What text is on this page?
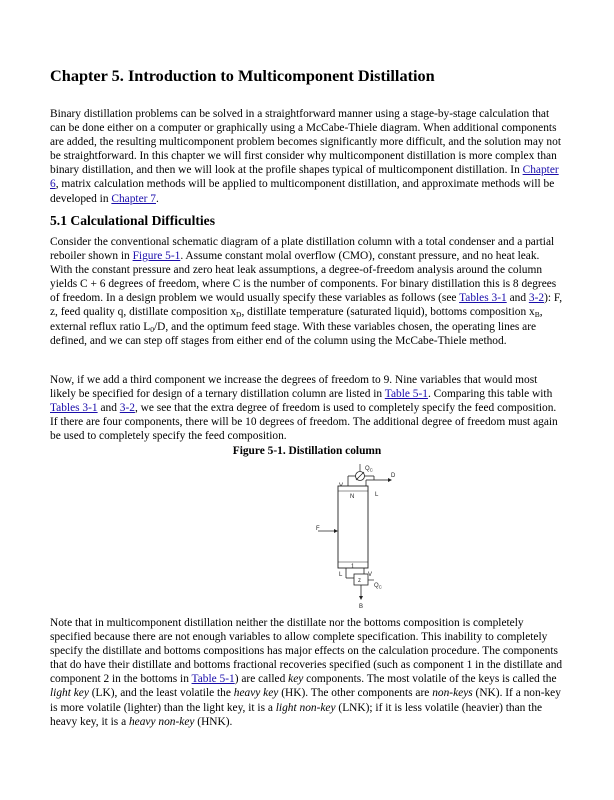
Chapter 5. Introduction to Multicomponent Distillation

Binary distillation problems can be solved in a straightforward manner using a stage-by-stage calculation that can be done either on a computer or graphically using a McCabe-Thiele diagram. When additional components are added, the resulting multicomponent problem becomes significantly more difficult, and the solution may not be straightforward. In this chapter we will first consider why multicomponent distillation is more complex than binary distillation, and then we will look at the profile shapes typical of multicomponent distillation. In Chapter 6, matrix calculation methods will be applied to multicomponent distillation, and approximate methods will be developed in Chapter 7.

5.1 Calculational Difficulties

Consider the conventional schematic diagram of a plate distillation column with a total condenser and a partial reboiler shown in Figure 5-1. Assume constant molal overflow (CMO), constant pressure, and no heat leak. With the constant pressure and zero heat leak assumptions, a degree-of-freedom analysis around the column yields C + 6 degrees of freedom, where C is the number of components. For binary distillation this is 8 degrees of freedom. In a design problem we would usually specify these variables as follows (see Tables 3-1 and 3-2): F, z, feed quality q, distillate composition $x_D$, distillate temperature (saturated liquid), bottoms composition $x_B$, external reflux ratio $L_0/D$, and the optimum feed stage. With these variables chosen, the operating lines are defined, and we can step off stages from either end of the column using the McCabe-Thiele method.

Now, if we add a third component we increase the degrees of freedom to 9. Nine variables that would most likely be specified for design of a ternary distillation column are listed in Table 5-1. Comparing this table with Tables 3-1 and 3-2, we see that the extra degree of freedom is used to completely specify the feed composition. If there are four components, there will be 10 degrees of freedom. The additional degree of freedom must again be used to completely specify the feed composition.

Figure 5-1. Distillation column
$Q_C$
D
L
N
1
F
L	V
z
$Q_C$
B

Note that in multicomponent distillation neither the distillate nor the bottoms composition is completely specified because there are not enough variables to allow complete specification. This inability to completely specify the distillate and bottoms compositions has major effects on the calculation procedure. The components that do have their distillate and bottoms fractional recoveries specified (such as component 1 in the distillate and component 2 in the bottoms in Table 5-1) are called key components. The most volatile of the keys is called the light key (LK), and the least volatile the heavy key (HK). The other components are non-keys (NK). If a non-key is more volatile (lighter) than the light key, it is a light non-key (LNK); if it is less volatile (heavier) than the heavy key, it is a heavy non-key (HNK).
